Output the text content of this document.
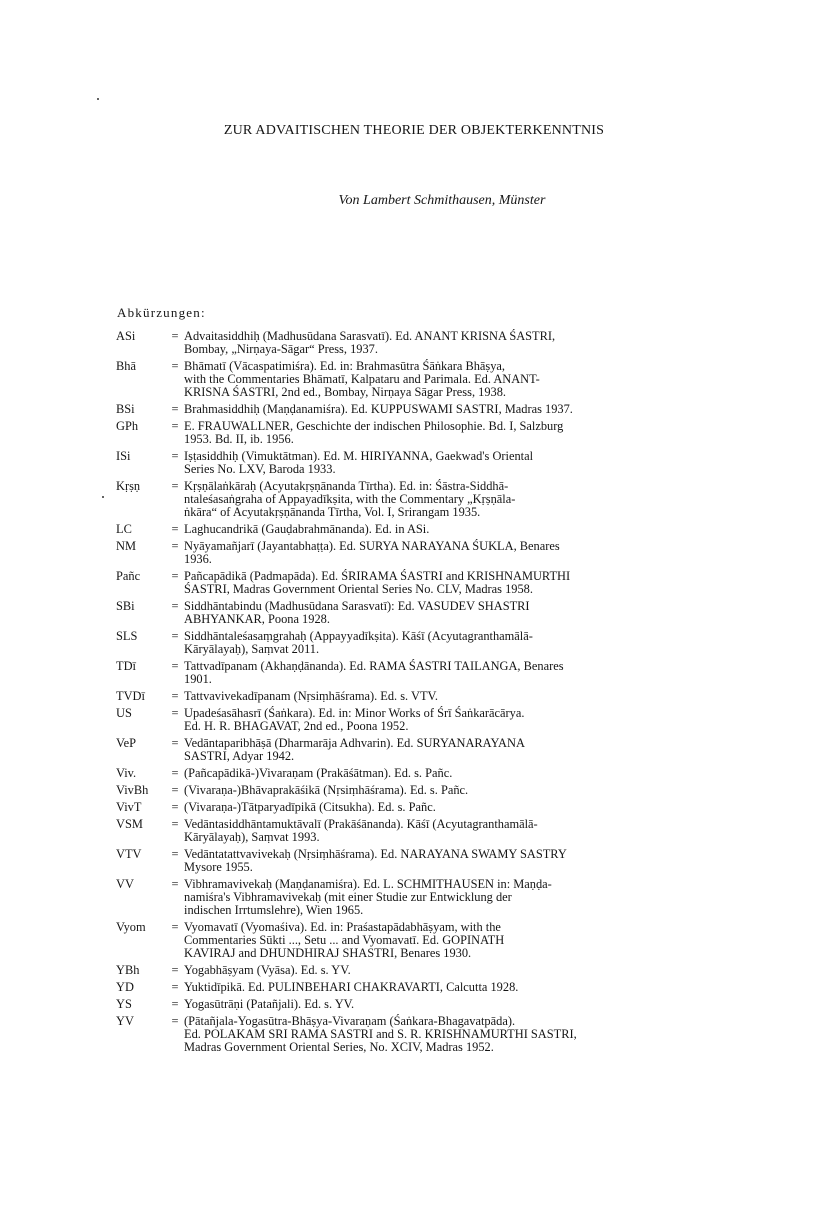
ZUR ADVAITISCHEN THEORIE DER OBJEKTERKENNTNIS
Von Lambert Schmithausen, Münster
Abkürzungen:
ASi	= Advaitasiddhiḥ (Madhusūdana Sarasvatī). Ed. ANANT KRISNA ŚASTRI,
Bombay, „Nirṇaya-Sāgar“ Press, 1937.
Bhā	= Bhāmatī (Vācaspatimiśra). Ed. in: Brahmasūtra Śāṅkara Bhāṣya,
with the Commentaries Bhāmatī, Kalpataru and Parimala. Ed. ANANT-
KRISNA ŚASTRI, 2nd ed., Bombay, Nirṇaya Sāgar Press, 1938.
BSi	= Brahmasiddhiḥ (Maṇḍanamiśra). Ed. KUPPUSWAMI SASTRI, Madras 1937.
GPh	= E. FRAUWALLNER, Geschichte der indischen Philosophie. Bd. I, Salzburg
1953. Bd. II, ib. 1956.
ISi	= Iṣṭasiddhiḥ (Vimuktātman). Ed. M. HIRIYANNA, Gaekwad's Oriental
Series No. LXV, Baroda 1933.
Kṛṣṇ	= Kṛṣṇālaṅkāraḥ (Acyutakṛṣṇānanda Tīrtha). Ed. in: Śāstra-Siddhā-
ntaleśasaṅgraha of Appayadīkṣita, with the Commentary „Kṛṣṇāla-
ṅkāra“ of Acyutakṛṣṇānanda Tīrtha, Vol. I, Srirangam 1935.
LC	= Laghucandrikā (Gauḍabrahmānanda). Ed. in ASi.
NM	= Nyāyamañjarī (Jayantabhaṭṭa). Ed. SURYA NARAYANA ŚUKLA, Benares
1936.
Pañc	= Pañcapādikā (Padmapāda). Ed. ŚRIRAMA ŚASTRI and KRISHNAMURTHI
ŚASTRI, Madras Government Oriental Series No. CLV, Madras 1958.
SBi	= Siddhāntabindu (Madhusūdana Sarasvatī): Ed. VASUDEV SHASTRI
ABHYANKAR, Poona 1928.
SLS	= Siddhāntaleśasaṃgrahaḥ (Appayyadīkṣita). Kāśī (Acyutagranthamālā-
Kāryālayaḥ), Saṃvat 2011.
TDī	= Tattvadīpanam (Akhaṇḍānanda). Ed. RAMA ŚASTRI TAILANGA, Benares
1901.
TVDī	= Tattvavivekadīpanam (Nṛsiṃhāśrama). Ed. s. VTV.
US	= Upadeśasāhasrī (Śaṅkara). Ed. in: Minor Works of Śrī Śaṅkarācārya.
Ed. H. R. BHAGAVAT, 2nd ed., Poona 1952.
VeP	= Vedāntaparibhāṣā (Dharmarāja Adhvarin). Ed. SURYANARAYANA
SASTRI, Adyar 1942.
Viv.	= (Pañcapādikā-)Vivaraṇam (Prakāśātman). Ed. s. Pañc.
VivBh	= (Vivaraṇa-)Bhāvaprakāśikā (Nṛsiṃhāśrama). Ed. s. Pañc.
VivT	= (Vivaraṇa-)Tātparyadīpikā (Citsukha). Ed. s. Pañc.
VSM	= Vedāntasiddhāntamuktāvalī (Prakāśānanda). Kāśī (Acyutagranthamālā-
Kāryālayaḥ), Saṃvat 1993.
VTV	= Vedāntatattvavivekaḥ (Nṛsiṃhāśrama). Ed. NARAYANA SWAMY SASTRY
Mysore 1955.
VV	= Vibhramavivekaḥ (Maṇḍanamiśra). Ed. L. SCHMITHAUSEN in: Maṇḍa-
namiśra's Vibhramavivekaḥ (mit einer Studie zur Entwicklung der
indischen Irrtumslehre), Wien 1965.
Vyom	= Vyomavatī (Vyomaśiva). Ed. in: Praśastapādabhāṣyam, with the
Commentaries Sūkti ..., Setu ... and Vyomavatī. Ed. GOPINATH
KAVIRAJ and DHUNDHIRAJ SHASTRI, Benares 1930.
YBh	= Yogabhāṣyam (Vyāsa). Ed. s. YV.
YD	= Yuktidīpikā. Ed. PULINBEHARI CHAKRAVARTI, Calcutta 1928.
YS	= Yogasūtrāṇi (Patañjali). Ed. s. YV.
YV	= (Pātañjala-Yogasūtra-Bhāṣya-Vivaraṇam (Śaṅkara-Bhagavatpāda).
Ed. POLAKAM SRI RAMA SASTRI and S. R. KRISHNAMURTHI SASTRI,
Madras Government Oriental Series, No. XCIV, Madras 1952.
